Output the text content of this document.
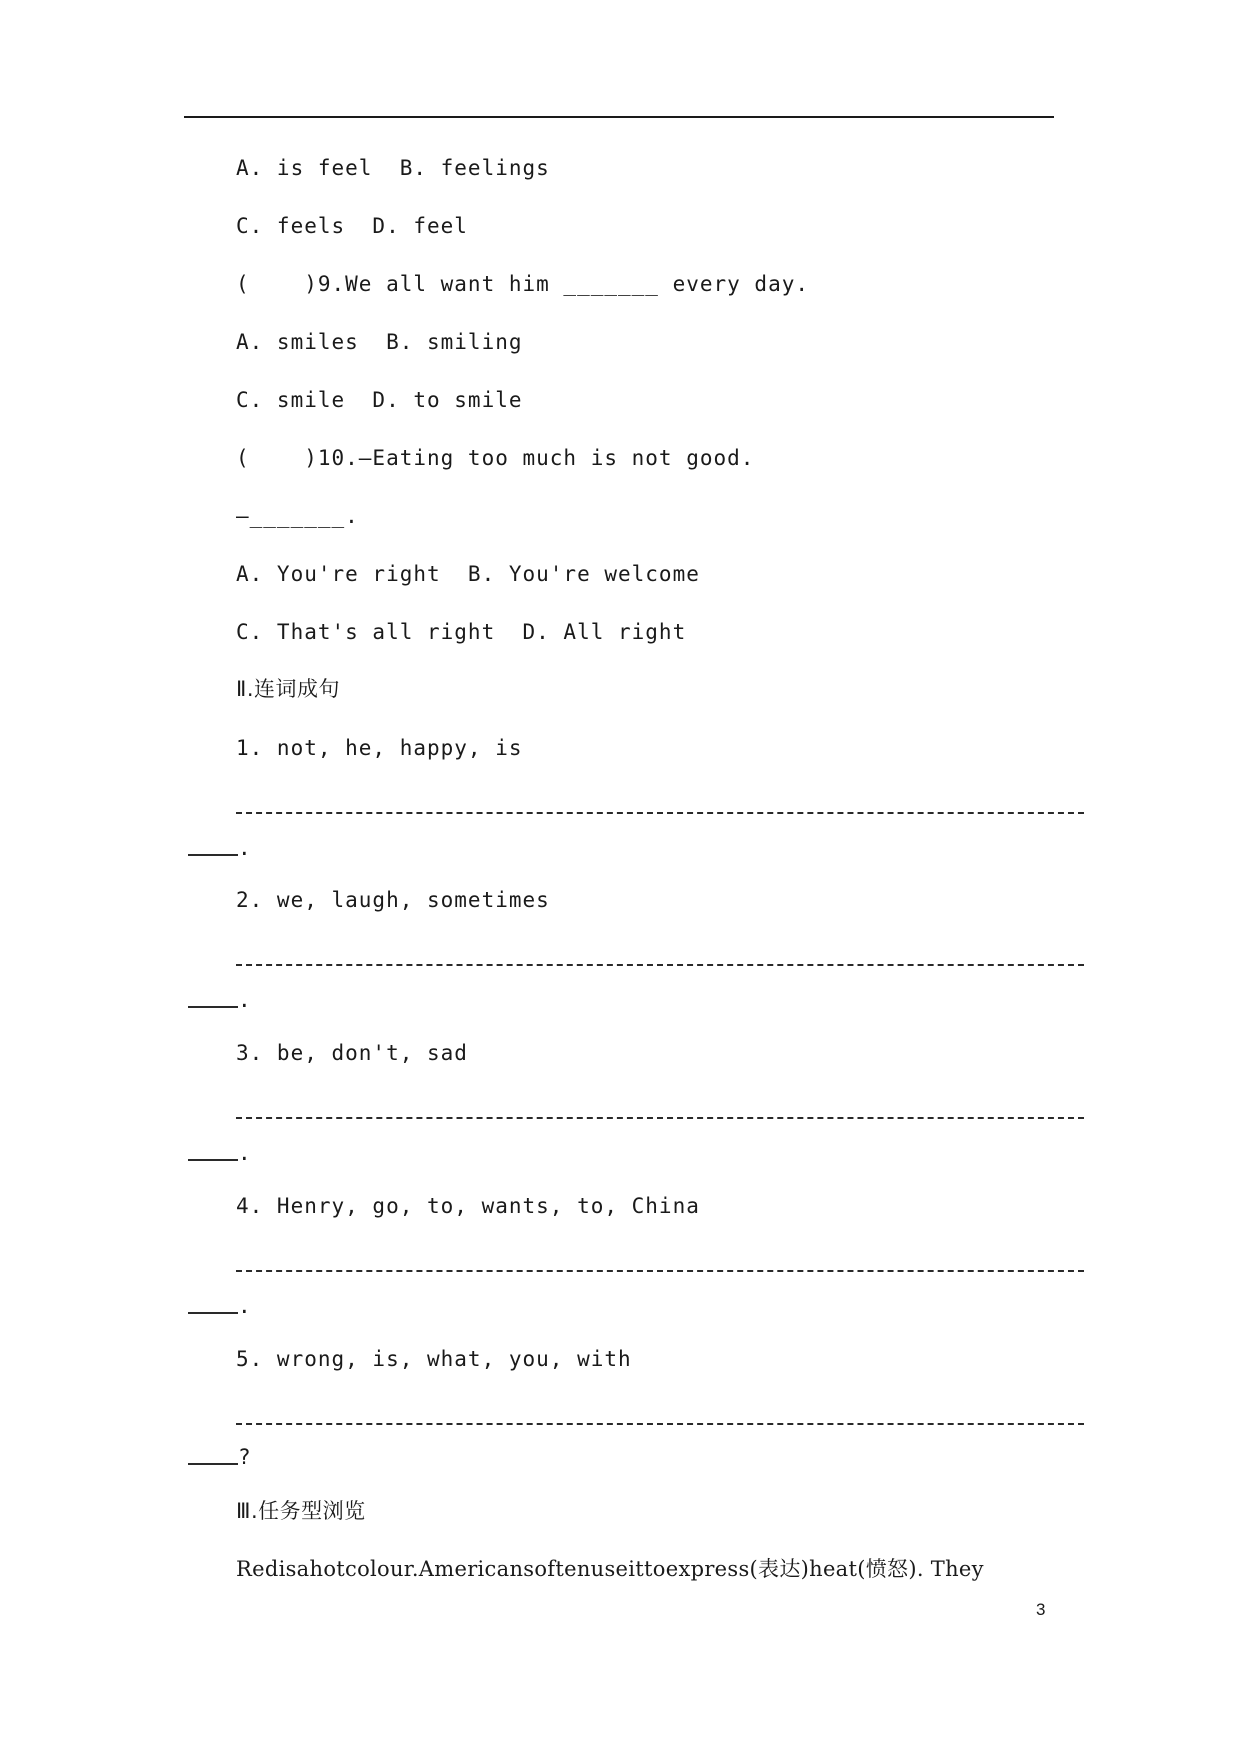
A. is feel  B. feelings
C. feels  D. feel
(    )9.We all want him _______ every day.
A. smiles  B. smiling
C. smile  D. to smile
(    )10.—Eating too much is not good.
—_______.
A. You're right  B. You're welcome
C. That's all right  D. All right
Ⅱ.连词成句
1. not, he, happy, is
.
2. we, laugh, sometimes
.
3. be, don't, sad
.
4. Henry, go, to, wants, to, China
.
5. wrong, is, what, you, with
?
Ⅲ.任务型浏览
Redisahotcolour.Americansoftenuseittoexpress(表达)heat(愤怒). They
3
